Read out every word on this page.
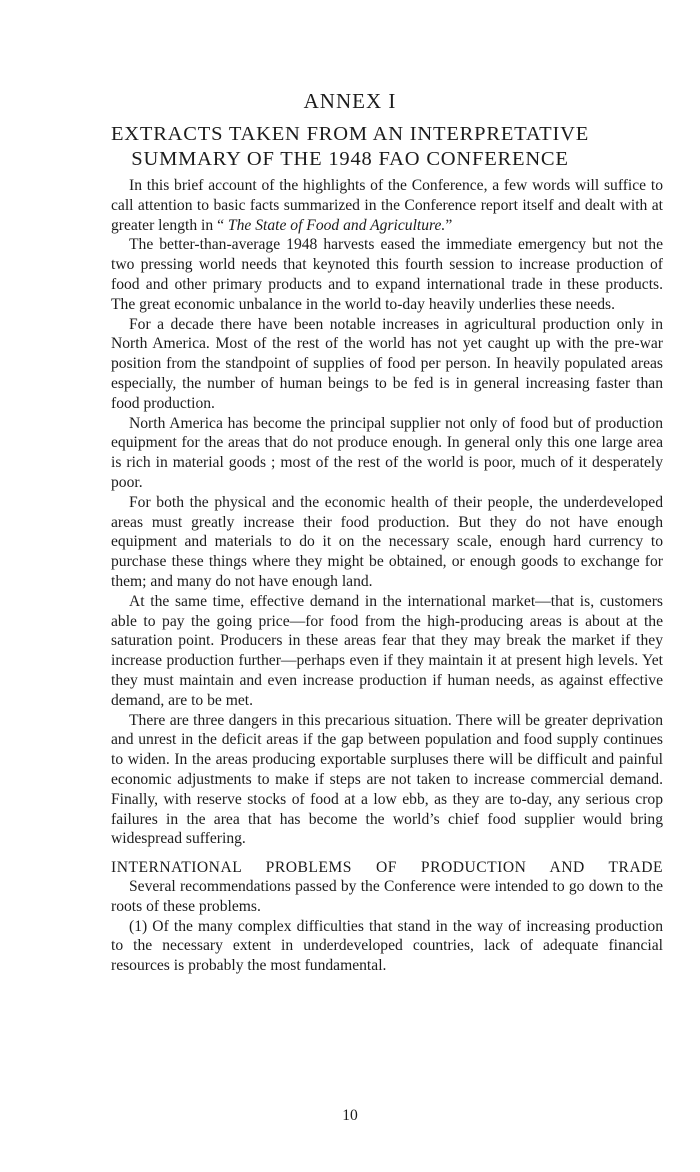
ANNEX I
EXTRACTS TAKEN FROM AN INTERPRETATIVE
SUMMARY OF THE 1948 FAO CONFERENCE

In this brief account of the highlights of the Conference, a few words will suffice to call attention to basic facts summarized in the Conference report itself and dealt with at greater length in “ The State of Food and Agriculture.”

The better-than-average 1948 harvests eased the immediate emergency but not the two pressing world needs that keynoted this fourth session to increase production of food and other primary products and to expand international trade in these products. The great economic unbalance in the world to-day heavily underlies these needs.

For a decade there have been notable increases in agricultural production only in North America. Most of the rest of the world has not yet caught up with the pre-war position from the standpoint of supplies of food per person. In heavily populated areas especially, the number of human beings to be fed is in general increasing faster than food production.

North America has become the principal supplier not only of food but of production equipment for the areas that do not produce enough. In general only this one large area is rich in material goods ; most of the rest of the world is poor, much of it desperately poor.

For both the physical and the economic health of their people, the underdeveloped areas must greatly increase their food production. But they do not have enough equipment and materials to do it on the necessary scale, enough hard currency to purchase these things where they might be obtained, or enough goods to exchange for them; and many do not have enough land.

At the same time, effective demand in the international market—that is, customers able to pay the going price—for food from the high-producing areas is about at the saturation point. Producers in these areas fear that they may break the market if they increase production further—perhaps even if they maintain it at present high levels. Yet they must maintain and even increase production if human needs, as against effective demand, are to be met.

There are three dangers in this precarious situation. There will be greater deprivation and unrest in the deficit areas if the gap between population and food supply continues to widen. In the areas producing exportable surpluses there will be difficult and painful economic adjustments to make if steps are not taken to increase commercial demand. Finally, with reserve stocks of food at a low ebb, as they are to-day, any serious crop failures in the area that has become the world’s chief food supplier would bring widespread suffering.

INTERNATIONAL PROBLEMS OF PRODUCTION AND TRADE

Several recommendations passed by the Conference were intended to go down to the roots of these problems.

(1) Of the many complex difficulties that stand in the way of increasing production to the necessary extent in underdeveloped countries, lack of adequate financial resources is probably the most fundamental.

10
